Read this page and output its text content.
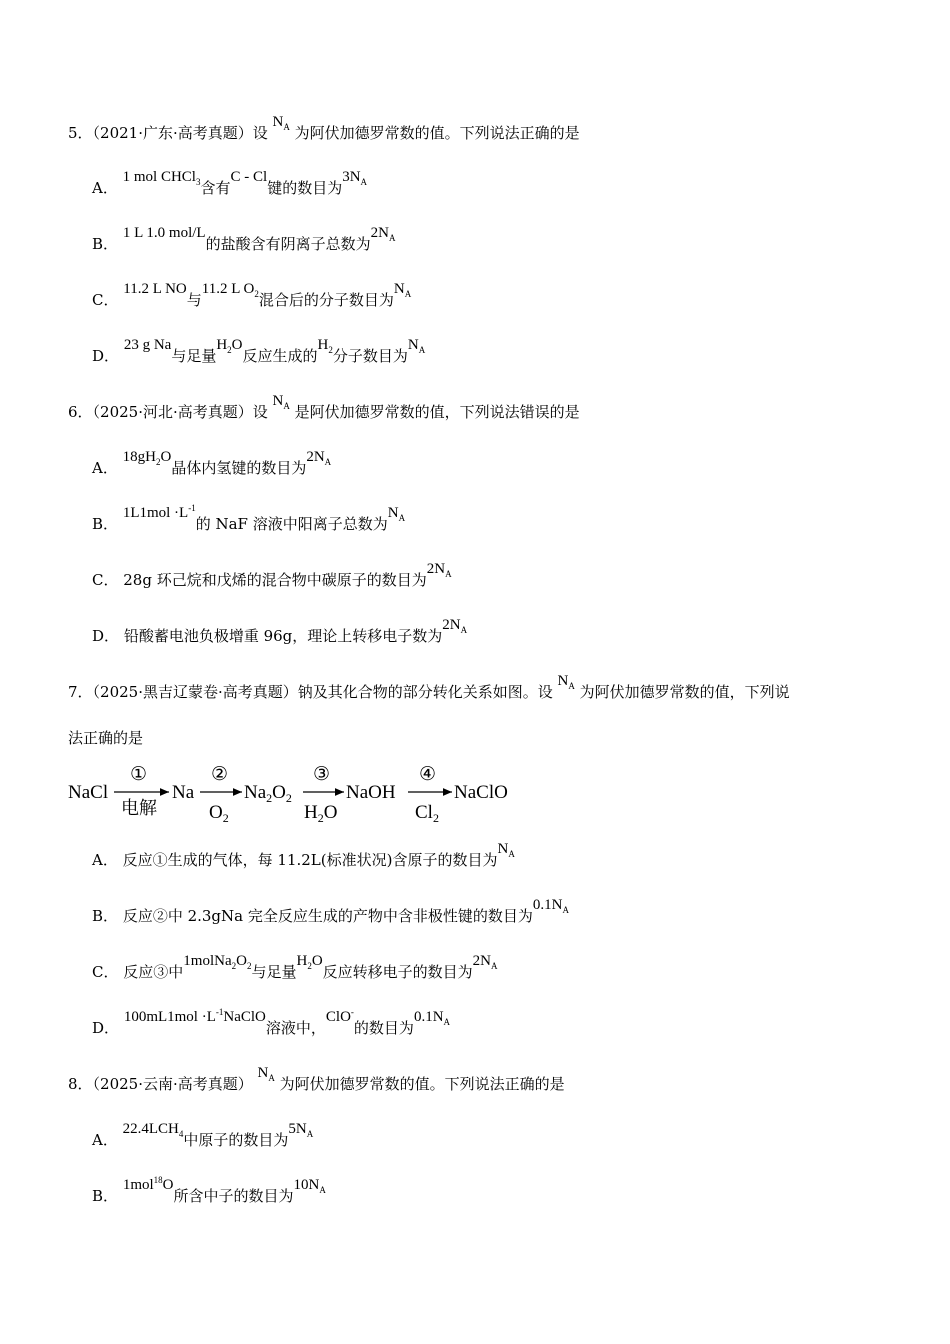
5．（2021·广东·高考真题）设 $N_A$ 为阿伏加德罗常数的值。下列说法正确的是
A． 1 mol CHCl$_3$含有C - Cl键的数目为$3N_A$
B． 1 L 1.0 mol/L的盐酸含有阴离子总数为$2N_A$
C． 11.2 L NO与11.2 L $O_2$混合后的分子数目为$N_A$
D． 23 g Na与足量$H_2O$反应生成的$H_2$分子数目为$N_A$
6．（2025·河北·高考真题）设 $N_A$ 是阿伏加德罗常数的值，下列说法错误的是
A． $18gH_2O$晶体内氢键的数目为$2N_A$
B． $1L1mol \cdot L^{-1}$的 NaF 溶液中阳离子总数为$N_A$
C． 28g 环己烷和戊烯的混合物中碳原子的数目为$2N_A$
D． 铅酸蓄电池负极增重 96g，理论上转移电子数为$2N_A$
7．（2025·黑吉辽蒙卷·高考真题）钠及其化合物的部分转化关系如图。设 $N_A$ 为阿伏加德罗常数的值，下列说
法正确的是
NaCl
①
电解
Na
②
$O_2$
$Na_2O_2$
③
$H_2O$
NaOH
④
$Cl_2$
NaClO
A． 反应①生成的气体，每 11.2L(标准状况)含原子的数目为$N_A$
B． 反应②中 2.3gNa 完全反应生成的产物中含非极性键的数目为$0.1N_A$
C． 反应③中$1molNa_2O_2$与足量$H_2O$反应转移电子的数目为$2N_A$
D． $100mL1mol \cdot L^{-1}NaClO$溶液中，ClO-的数目为$0.1N_A$
8．（2025·云南·高考真题） $N_A$ 为阿伏加德罗常数的值。下列说法正确的是
A． $22.4LCH_4$中原子的数目为$5N_A$
B． 1mol$^{18}$O所含中子的数目为$10N_A$
